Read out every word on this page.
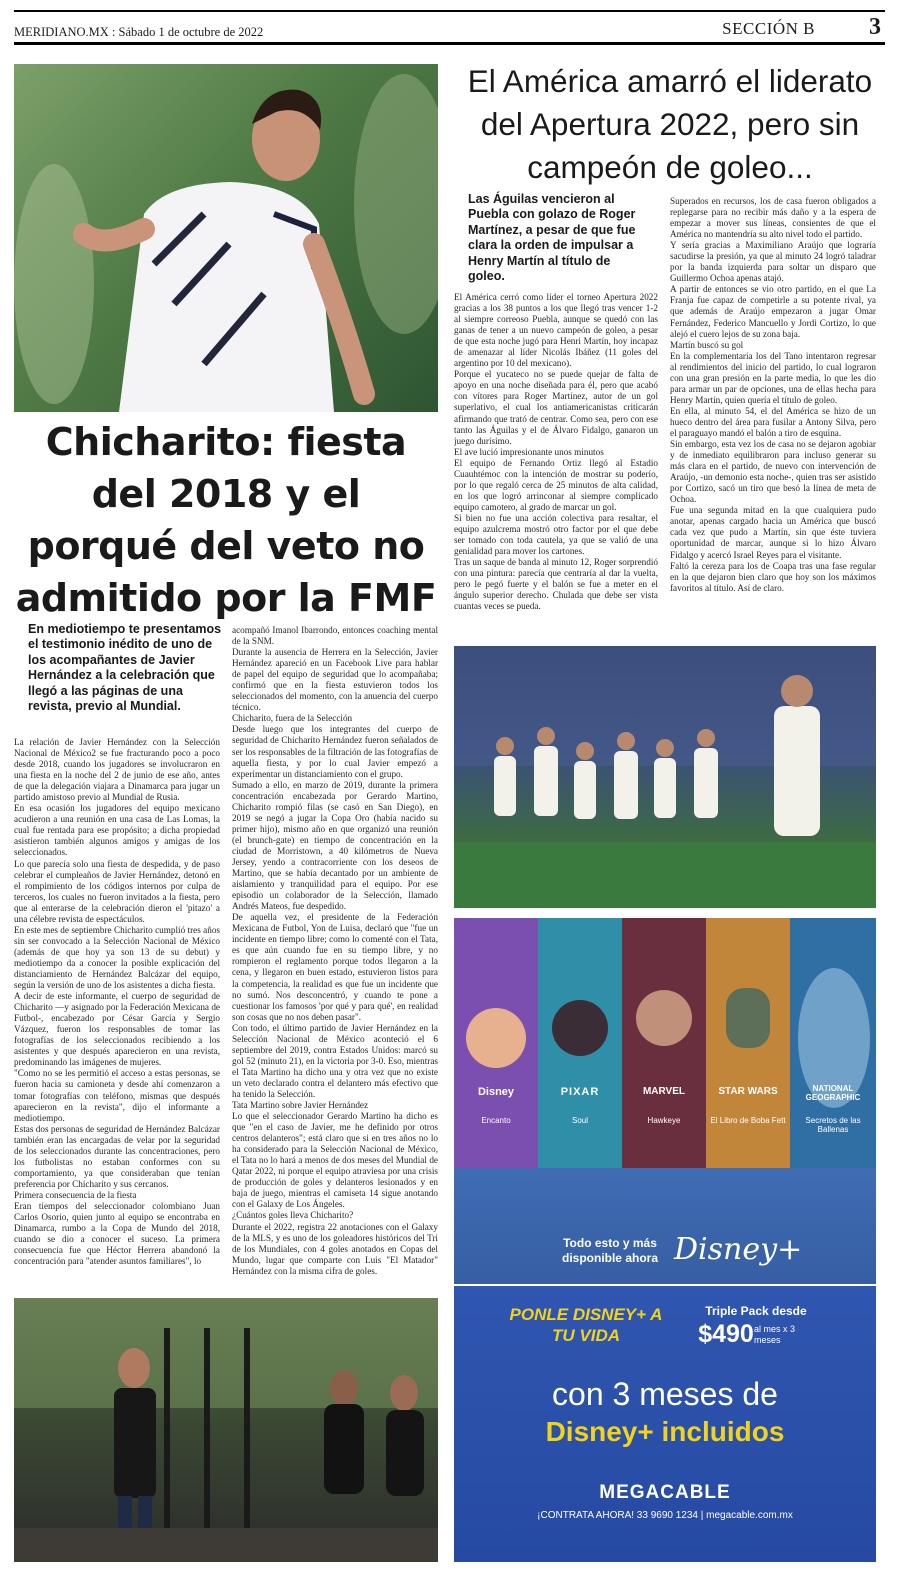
MERIDIANO.MX : Sábado 1 de octubre de 2022	SECCIÓN B 3
Chicharito: fiesta del 2018 y el porqué del veto no admitido por la FMF
En mediotiempo te presentamos el testimonio inédito de uno de los acompañantes de Javier Hernández a la celebración que llegó a las páginas de una revista, previo al Mundial.

La relación de Javier Hernández con la Selección Nacional de México2 se fue fracturando poco a poco desde 2018, cuando los jugadores se involucraron en una fiesta en la noche del 2 de junio de ese año, antes de que la delegación viajara a Dinamarca para jugar un partido amistoso previo al Mundial de Rusia.

En esa ocasión los jugadores del equipo mexicano acudieron a una reunión en una casa de Las Lomas, la cual fue rentada para ese propósito; a dicha propiedad asistieron también algunos amigos y amigas de los seleccionados.

Lo que parecía solo una fiesta de despedida, y de paso celebrar el cumpleaños de Javier Hernández, detonó en el rompimiento de los códigos internos por culpa de terceros, los cuales no fueron invitados a la fiesta, pero que al enterarse de la celebración dieron el 'pitazo' a una célebre revista de espectáculos.

En este mes de septiembre Chicharito cumplió tres años sin ser convocado a la Selección Nacional de México (además de que hoy ya son 13 de su debut) y mediotiempo da a conocer la posible explicación del distanciamiento de Hernández Balcázar del equipo, según la versión de uno de los asistentes a dicha fiesta.

A decir de este informante, el cuerpo de seguridad de Chicharito —y asignado por la Federación Mexicana de Futbol-, encabezado por César García y Sergio Vázquez, fueron los responsables de tomar las fotografías de los seleccionados recibiendo a los asistentes y que después aparecieron en una revista, predominando las imágenes de mujeres.

"Como no se les permitió el acceso a estas personas, se fueron hacia su camioneta y desde ahí comenzaron a tomar fotografías con teléfono, mismas que después aparecieron en la revista", dijo el informante a mediotiempo.

Estas dos personas de seguridad de Hernández Balcázar también eran las encargadas de velar por la seguridad de los seleccionados durante las concentraciones, pero los futbolistas no estaban conformes con su comportamiento, ya que consideraban que tenían preferencia por Chicharito y sus cercanos.

Primera consecuencia de la fiesta

Eran tiempos del seleccionador colombiano Juan Carlos Osorio, quien junto al equipo se encontraba en Dinamarca, rumbo a la Copa de Mundo del 2018, cuando se dio a conocer el suceso. La primera consecuencia fue que Héctor Herrera abandonó la concentración para "atender asuntos familiares", lo

acompañó Imanol Ibarrondo, entonces coaching mental de la SNM.

Durante la ausencia de Herrera en la Selección, Javier Hernández apareció en un Facebook Live para hablar de papel del equipo de seguridad que lo acompañaba; confirmó que en la fiesta estuvieron todos los seleccionados del momento, con la anuencia del cuerpo técnico.

Chicharito, fuera de la Selección

Desde luego que los integrantes del cuerpo de seguridad de Chicharito Hernández fueron señalados de ser los responsables de la filtración de las fotografías de aquella fiesta, y por lo cual Javier empezó a experimentar un distanciamiento con el grupo.

Sumado a ello, en marzo de 2019, durante la primera concentración encabezada por Gerardo Martino, Chicharito rompió filas (se casó en San Diego), en 2019 se negó a jugar la Copa Oro (había nacido su primer hijo), mismo año en que organizó una reunión (el brunch-gate) en tiempo de concentración en la ciudad de Morristown, a 40 kilómetros de Nueva Jersey, yendo a contracorriente con los deseos de Martino, que se había decantado por un ambiente de aislamiento y tranquilidad para el equipo. Por ese episodio un colaborador de la Selección, llamado Andrés Mateos, fue despedido.

De aquella vez, el presidente de la Federación Mexicana de Futbol, Yon de Luisa, declaró que "fue un incidente en tiempo libre; como lo comenté con el Tata, es que aún cuando fue en su tiempo libre, y no rompieron el reglamento porque todos llegaron a la cena, y llegaron en buen estado, estuvieron listos para la competencia, la realidad es que fue un incidente que no sumó. Nos desconcentró, y cuando te pone a cuestionar los famosos 'por qué y para qué', en realidad son cosas que no nos deben pasar".

Con todo, el último partido de Javier Hernández en la Selección Nacional de México aconteció el 6 septiembre del 2019, contra Estados Unidos: marcó su gol 52 (minuto 21), en la victoria por 3-0. Eso, mientras el Tata Martino ha dicho una y otra vez que no existe un veto declarado contra el delantero más efectivo que ha tenido la Selección.

Tata Martino sobre Javier Hernández

Lo que el seleccionador Gerardo Martino ha dicho es que "en el caso de Javier, me he definido por otros centros delanteros"; está claro que si en tres años no lo ha considerado para la Selección Nacional de México, el Tata no lo hará a menos de dos meses del Mundial de Qatar 2022, ni porque el equipo atraviesa por una crisis de producción de goles y delanteros lesionados y en baja de juego, mientras el camiseta 14 sigue anotando con el Galaxy de Los Ángeles.

¿Cuántos goles lleva Chicharito?

Durante el 2022, registra 22 anotaciones con el Galaxy de la MLS, y es uno de los goleadores históricos del Tri de los Mundiales, con 4 goles anotados en Copas del Mundo, lugar que comparte con Luis "El Matador" Hernández con la misma cifra de goles.

El América amarró el liderato del Apertura 2022, pero sin campeón de goleo...
Las Águilas vencieron al Puebla con golazo de Roger Martínez, a pesar de que fue clara la orden de impulsar a Henry Martín al título de goleo.

El América cerró como líder el torneo Apertura 2022 gracias a los 38 puntos a los que llegó tras vencer 1-2 al siempre correoso Puebla, aunque se quedó con las ganas de tener a un nuevo campeón de goleo, a pesar de que esta noche jugó para Henri Martín, hoy incapaz de amenazar al líder Nicolás Ibáñez (11 goles del argentino por 10 del mexicano).

Porque el yucateco no se puede quejar de falta de apoyo en una noche diseñada para él, pero que acabó con vítores para Roger Martínez, autor de un gol superlativo, el cual los antiamericanistas criticarán afirmando que trató de centrar. Como sea, pero con ese tanto las Águilas y el de Álvaro Fidalgo, ganaron un juego durísimo.

El ave lució impresionante unos minutos

El equipo de Fernando Ortiz llegó al Estadio Cuauhtémoc con la intención de mostrar su poderío, por lo que regaló cerca de 25 minutos de alta calidad, en los que logró arrinconar al siempre complicado equipo camotero, al grado de marcar un gol.

Si bien no fue una acción colectiva para resaltar, el equipo azulcrema mostró otro factor por el que debe ser tomado con toda cautela, ya que se valió de una genialidad para mover los cartones.

Tras un saque de banda al minuto 12, Roger sorprendió con una pintura: parecía que centraría al dar la vuelta, pero le pegó fuerte y el balón se fue a meter en el ángulo superior derecho. Chulada que debe ser vista cuantas veces se pueda.

Superados en recursos, los de casa fueron obligados a replegarse para no recibir más daño y a la espera de empezar a mover sus líneas, consientes de que el América no mantendría su alto nivel todo el partido.

Y sería gracias a Maximiliano Araújo que lograría sacudirse la presión, ya que al minuto 24 logró taladrar por la banda izquierda para soltar un disparo que Guillermo Ochoa apenas atajó.

A partir de entonces se vio otro partido, en el que La Franja fue capaz de competirle a su potente rival, ya que además de Araújo empezaron a jugar Omar Fernández, Federico Mancuello y Jordi Cortizo, lo que alejó el cuero lejos de su zona baja.

Martín buscó su gol

En la complementaria los del Tano intentaron regresar al rendimientos del inicio del partido, lo cual lograron con una gran presión en la parte media, lo que les dio para armar un par de opciones, una de ellas hecha para Henry Martín, quien quería el título de goleo.

En ella, al minuto 54, el del América se hizo de un hueco dentro del área para fusilar a Antony Silva, pero el paraguayo mandó el balón a tiro de esquina.

Sin embargo, esta vez los de casa no se dejaron agobiar y de inmediato equilibraron para incluso generar su más clara en el partido, de nuevo con intervención de Araújo, -un demonio esta noche-, quien tras ser asistido por Cortizo, sacó un tiro que besó la línea de meta de Ochoa.

Fue una segunda mitad en la que cualquiera pudo anotar, apenas cargado hacia un América que buscó cada vez que pudo a Martín, sin que éste tuviera oportunidad de marcar, aunque si lo hizo Álvaro Fidalgo y acercó Israel Reyes para el visitante.

Faltó la cereza para los de Coapa tras una fase regular en la que dejaron bien claro que hoy son los máximos favoritos al título. Así de claro.

Disney	PIXAR	MARVEL	STAR WARS	NATIONAL GEOGRAPHIC
Encanto	Soul	Hawkeye	El Libro de Boba Fett	Secretos de las Ballenas
Todo esto y más disponible ahora Disney+
PONLE DISNEY+ A TU VIDA
Triple Pack desde
$490 al mes x 3 meses
con 3 meses de
Disney+ incluidos
MEGACABLE
¡CONTRATA AHORA! 33 9690 1234 | megacable.com.mx
